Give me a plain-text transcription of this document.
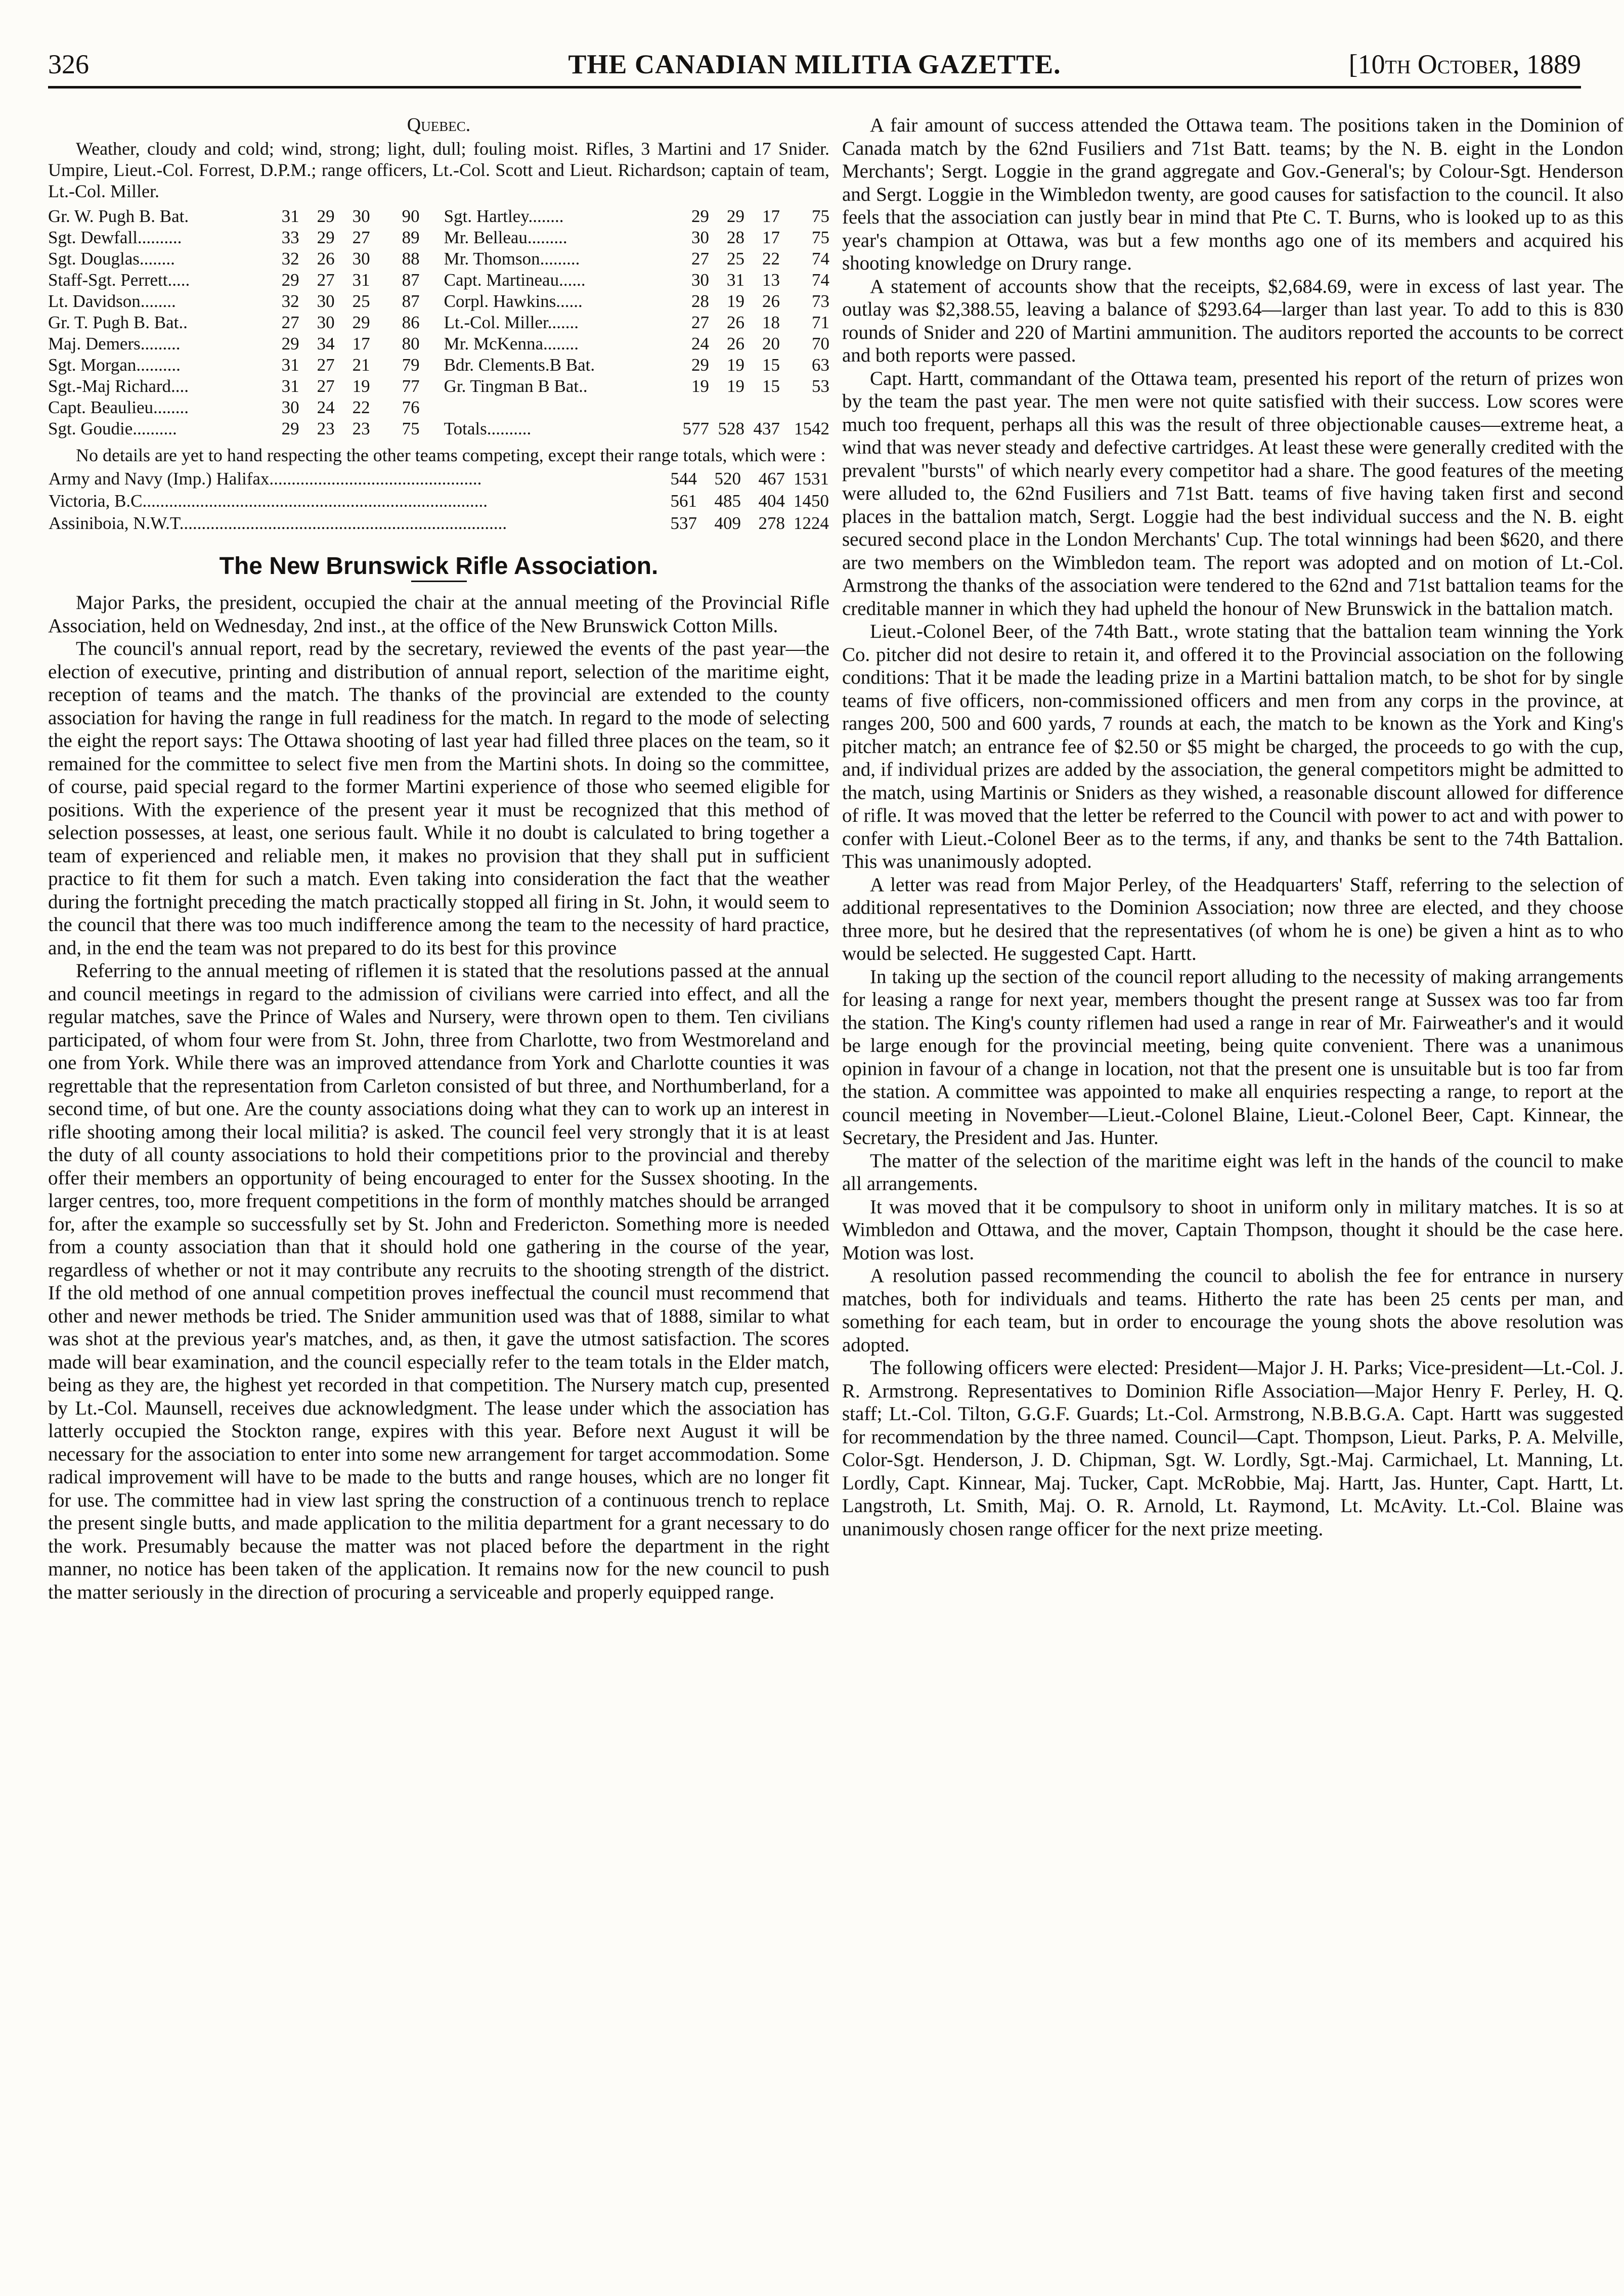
326	THE CANADIAN MILITIA GAZETTE.	[10th October, 1889
Quebec.

Weather, cloudy and cold; wind, strong; light, dull; fouling moist. Rifles, 3 Martini and 17 Snider. Umpire, Lieut.-Col. Forrest, D.P.M.; range officers, Lt.-Col. Scott and Lieut. Richardson; captain of team, Lt.-Col. Miller.

Gr. W. Pugh B. Bat.	31	29	30	90		Sgt. Hartley........	29	29	17	75
Sgt. Dewfall..........	33	29	27	89		Mr. Belleau.........	30	28	17	75
Sgt. Douglas........	32	26	30	88		Mr. Thomson.........	27	25	22	74
Staff-Sgt. Perrett.....	29	27	31	87		Capt. Martineau......	30	31	13	74
Lt. Davidson........	32	30	25	87		Corpl. Hawkins......	28	19	26	73
Gr. T. Pugh B. Bat..	27	30	29	86		Lt.-Col. Miller.......	27	26	18	71
Maj. Demers.........	29	34	17	80		Mr. McKenna........	24	26	20	70
Sgt. Morgan..........	31	27	21	79		Bdr. Clements.B Bat.	29	19	15	63
Sgt.-Maj Richard....	31	27	19	77		Gr. Tingman B Bat..	19	19	15	53
Capt. Beaulieu........	30	24	22	76						
Sgt. Goudie..........	29	23	23	75		Totals..........	577	528	437	1542

No details are yet to hand respecting the other teams competing, except their range totals, which were :

Army and Navy (Imp.) Halifax................................................	544	520	467	1531
Victoria, B.C..............................................................................	561	485	404	1450
Assiniboia, N.W.T..........................................................................	537	409	278	1224
The New Brunswick Rifle Association.

Major Parks, the president, occupied the chair at the annual meeting of the Provincial Rifle Association, held on Wednesday, 2nd inst., at the office of the New Brunswick Cotton Mills.

The council's annual report, read by the secretary, reviewed the events of the past year—the election of executive, printing and distribution of annual report, selection of the maritime eight, reception of teams and the match. The thanks of the provincial are extended to the county association for having the range in full readiness for the match. In regard to the mode of selecting the eight the report says: The Ottawa shooting of last year had filled three places on the team, so it remained for the committee to select five men from the Martini shots. In doing so the committee, of course, paid special regard to the former Martini experience of those who seemed eligible for positions. With the experience of the present year it must be recognized that this method of selection possesses, at least, one serious fault. While it no doubt is calculated to bring together a team of experienced and reliable men, it makes no provision that they shall put in sufficient practice to fit them for such a match. Even taking into consideration the fact that the weather during the fortnight preceding the match practically stopped all firing in St. John, it would seem to the council that there was too much indifference among the team to the necessity of hard practice, and, in the end the team was not prepared to do its best for this province

Referring to the annual meeting of riflemen it is stated that the resolutions passed at the annual and council meetings in regard to the admission of civilians were carried into effect, and all the regular matches, save the Prince of Wales and Nursery, were thrown open to them. Ten civilians participated, of whom four were from St. John, three from Charlotte, two from Westmoreland and one from York. While there was an improved attendance from York and Charlotte counties it was regrettable that the representation from Carleton consisted of but three, and Northumberland, for a second time, of but one. Are the county associations doing what they can to work up an interest in rifle shooting among their local militia? is asked. The council feel very strongly that it is at least the duty of all county associations to hold their competitions prior to the provincial and thereby offer their members an opportunity of being encouraged to enter for the Sussex shooting. In the larger centres, too, more frequent competitions in the form of monthly matches should be arranged for, after the example so successfully set by St. John and Fredericton. Something more is needed from a county association than that it should hold one gathering in the course of the year, regardless of whether or not it may contribute any recruits to the shooting strength of the district. If the old method of one annual competition proves ineffectual the council must recommend that other and newer methods be tried. The Snider ammunition used was that of 1888, similar to what was shot at the previous year's matches, and, as then, it gave the utmost satisfaction. The scores made will bear examination, and the council especially refer to the team totals in the Elder match, being as they are, the highest yet recorded in that competition. The Nursery match cup, presented by Lt.-Col. Maunsell, receives due acknowledgment. The lease under which the association has latterly occupied the Stockton range, expires with this year. Before next August it will be necessary for the association to enter into some new arrangement for target accommodation. Some radical improvement will have to be made to the butts and range houses, which are no longer fit for use. The committee had in view last spring the construction of a continuous trench to replace the present single butts, and made application to the militia department for a grant necessary to do the work. Presumably because the matter was not placed before the department in the right manner, no notice has been taken of the application. It remains now for the new council to push the matter seriously in the direction of procuring a serviceable and properly equipped range.

A fair amount of success attended the Ottawa team. The positions taken in the Dominion of Canada match by the 62nd Fusiliers and 71st Batt. teams; by the N. B. eight in the London Merchants'; Sergt. Loggie in the grand aggregate and Gov.-General's; by Colour-Sgt. Henderson and Sergt. Loggie in the Wimbledon twenty, are good causes for satisfaction to the council. It also feels that the association can justly bear in mind that Pte C. T. Burns, who is looked up to as this year's champion at Ottawa, was but a few months ago one of its members and acquired his shooting knowledge on Drury range.

A statement of accounts show that the receipts, $2,684.69, were in excess of last year. The outlay was $2,388.55, leaving a balance of $293.64—larger than last year. To add to this is 830 rounds of Snider and 220 of Martini ammunition. The auditors reported the accounts to be correct and both reports were passed.

Capt. Hartt, commandant of the Ottawa team, presented his report of the return of prizes won by the team the past year. The men were not quite satisfied with their success. Low scores were much too frequent, perhaps all this was the result of three objectionable causes—extreme heat, a wind that was never steady and defective cartridges. At least these were generally credited with the prevalent "bursts" of which nearly every competitor had a share. The good features of the meeting were alluded to, the 62nd Fusiliers and 71st Batt. teams of five having taken first and second places in the battalion match, Sergt. Loggie had the best individual success and the N. B. eight secured second place in the London Merchants' Cup. The total winnings had been $620, and there are two members on the Wimbledon team. The report was adopted and on motion of Lt.-Col. Armstrong the thanks of the association were tendered to the 62nd and 71st battalion teams for the creditable manner in which they had upheld the honour of New Brunswick in the battalion match.

Lieut.-Colonel Beer, of the 74th Batt., wrote stating that the battalion team winning the York Co. pitcher did not desire to retain it, and offered it to the Provincial association on the following conditions: That it be made the leading prize in a Martini battalion match, to be shot for by single teams of five officers, non-commissioned officers and men from any corps in the province, at ranges 200, 500 and 600 yards, 7 rounds at each, the match to be known as the York and King's pitcher match; an entrance fee of $2.50 or $5 might be charged, the proceeds to go with the cup, and, if individual prizes are added by the association, the general competitors might be admitted to the match, using Martinis or Sniders as they wished, a reasonable discount allowed for difference of rifle. It was moved that the letter be referred to the Council with power to act and with power to confer with Lieut.-Colonel Beer as to the terms, if any, and thanks be sent to the 74th Battalion. This was unanimously adopted.

A letter was read from Major Perley, of the Headquarters' Staff, referring to the selection of additional representatives to the Dominion Association; now three are elected, and they choose three more, but he desired that the representatives (of whom he is one) be given a hint as to who would be selected. He suggested Capt. Hartt.

In taking up the section of the council report alluding to the necessity of making arrangements for leasing a range for next year, members thought the present range at Sussex was too far from the station. The King's county riflemen had used a range in rear of Mr. Fairweather's and it would be large enough for the provincial meeting, being quite convenient. There was a unanimous opinion in favour of a change in location, not that the present one is unsuitable but is too far from the station. A committee was appointed to make all enquiries respecting a range, to report at the council meeting in November—Lieut.-Colonel Blaine, Lieut.-Colonel Beer, Capt. Kinnear, the Secretary, the President and Jas. Hunter.

The matter of the selection of the maritime eight was left in the hands of the council to make all arrangements.

It was moved that it be compulsory to shoot in uniform only in military matches. It is so at Wimbledon and Ottawa, and the mover, Captain Thompson, thought it should be the case here. Motion was lost.

A resolution passed recommending the council to abolish the fee for entrance in nursery matches, both for individuals and teams. Hitherto the rate has been 25 cents per man, and something for each team, but in order to encourage the young shots the above resolution was adopted.

The following officers were elected: President—Major J. H. Parks; Vice-president—Lt.-Col. J. R. Armstrong. Representatives to Dominion Rifle Association—Major Henry F. Perley, H. Q. staff; Lt.-Col. Tilton, G.G.F. Guards; Lt.-Col. Armstrong, N.B.B.G.A. Capt. Hartt was suggested for recommendation by the three named. Council—Capt. Thompson, Lieut. Parks, P. A. Melville, Color-Sgt. Henderson, J. D. Chipman, Sgt. W. Lordly, Sgt.-Maj. Carmichael, Lt. Manning, Lt. Lordly, Capt. Kinnear, Maj. Tucker, Capt. McRobbie, Maj. Hartt, Jas. Hunter, Capt. Hartt, Lt. Langstroth, Lt. Smith, Maj. O. R. Arnold, Lt. Raymond, Lt. McAvity. Lt.-Col. Blaine was unanimously chosen range officer for the next prize meeting.
